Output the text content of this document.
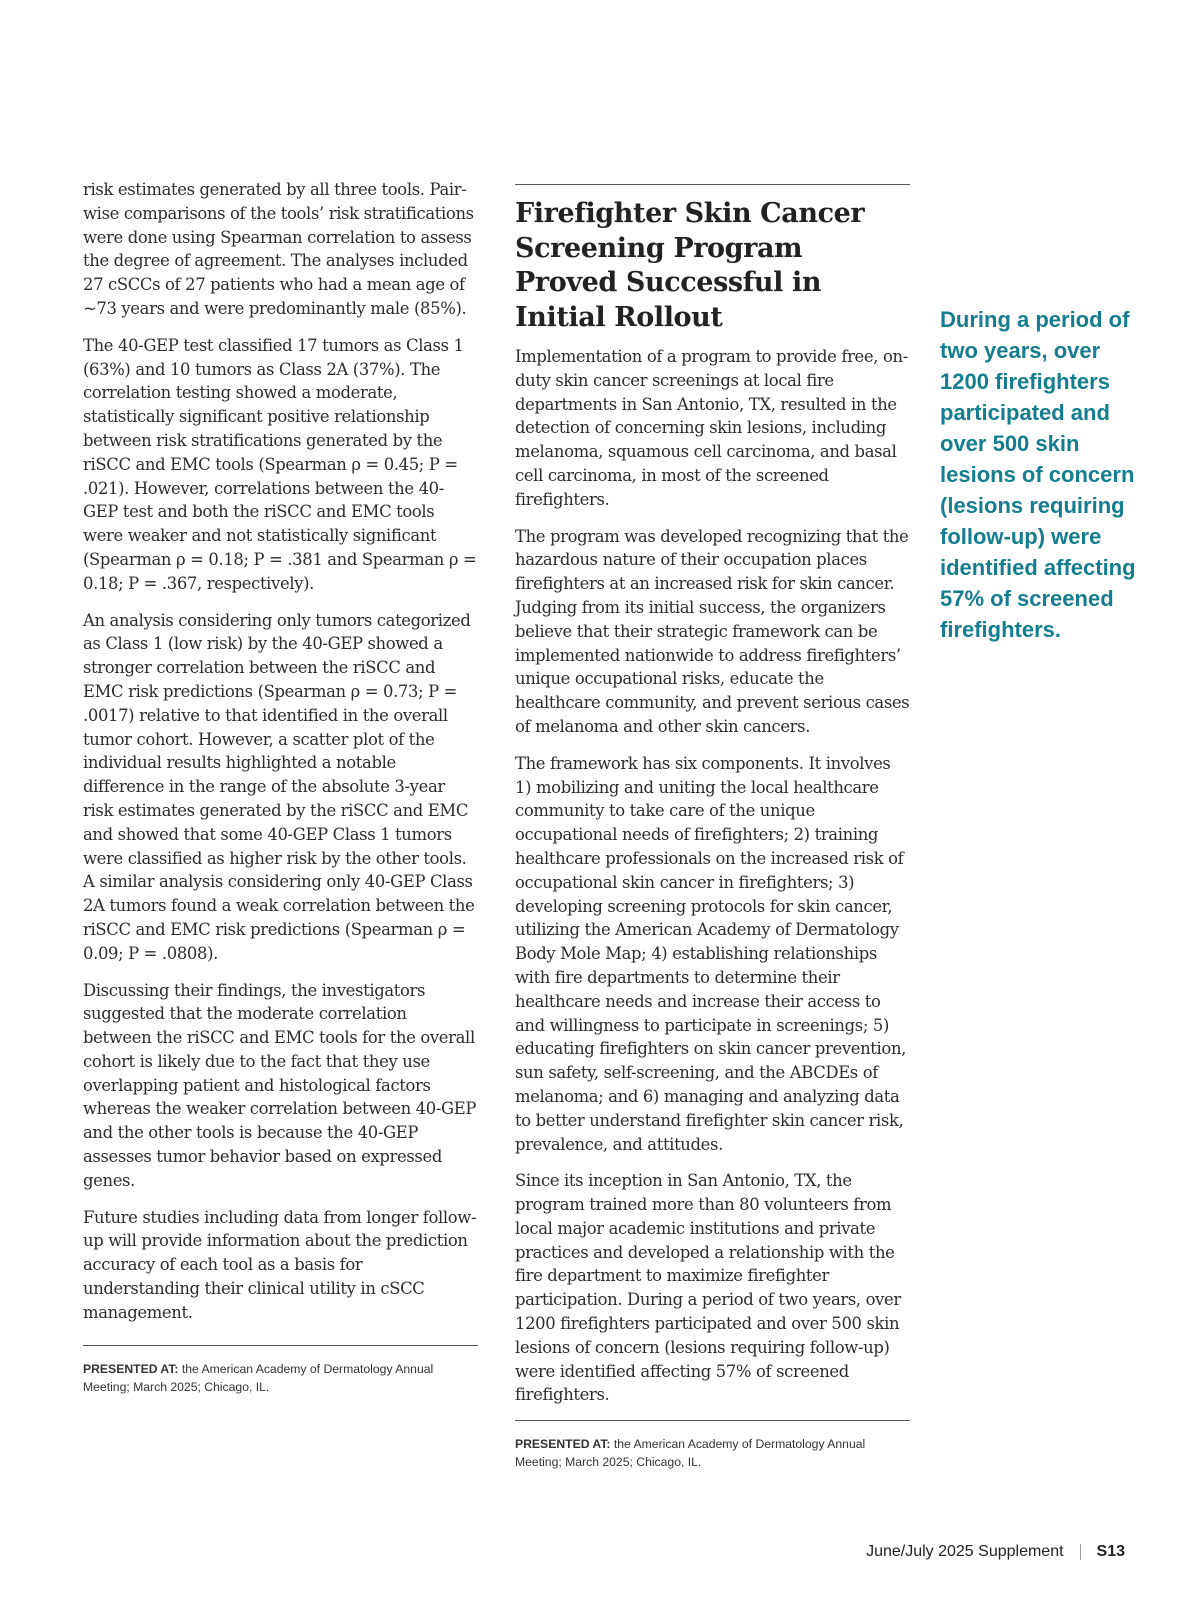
risk estimates generated by all three tools. Pair-wise comparisons of the tools’ risk stratifications were done using Spearman correlation to assess the degree of agreement. The analyses included 27 cSCCs of 27 patients who had a mean age of ~73 years and were predominantly male (85%).

The 40-GEP test classified 17 tumors as Class 1 (63%) and 10 tumors as Class 2A (37%). The correlation testing showed a moderate, statistically significant positive relationship between risk stratifications generated by the riSCC and EMC tools (Spearman ρ = 0.45; P = .021). However, correlations between the 40-GEP test and both the riSCC and EMC tools were weaker and not statistically significant (Spearman ρ = 0.18; P = .381 and Spearman ρ = 0.18; P = .367, respectively).

An analysis considering only tumors categorized as Class 1 (low risk) by the 40-GEP showed a stronger correlation between the riSCC and EMC risk predictions (Spearman ρ = 0.73; P = .0017) relative to that identified in the overall tumor cohort. However, a scatter plot of the individual results highlighted a notable difference in the range of the absolute 3-year risk estimates generated by the riSCC and EMC and showed that some 40-GEP Class 1 tumors were classified as higher risk by the other tools. A similar analysis considering only 40-GEP Class 2A tumors found a weak correlation between the riSCC and EMC risk predictions (Spearman ρ = 0.09; P = .0808).

Discussing their findings, the investigators suggested that the moderate correlation between the riSCC and EMC tools for the overall cohort is likely due to the fact that they use overlapping patient and histological factors whereas the weaker correlation between 40-GEP and the other tools is because the 40-GEP assesses tumor behavior based on expressed genes.

Future studies including data from longer follow-up will provide information about the prediction accuracy of each tool as a basis for understanding their clinical utility in cSCC management.

PRESENTED AT: the American Academy of Dermatology Annual Meeting; March 2025; Chicago, IL.
Firefighter Skin Cancer Screening Program Proved Successful in Initial Rollout

Implementation of a program to provide free, on-duty skin cancer screenings at local fire departments in San Antonio, TX, resulted in the detection of concerning skin lesions, including melanoma, squamous cell carcinoma, and basal cell carcinoma, in most of the screened firefighters.

The program was developed recognizing that the hazardous nature of their occupation places firefighters at an increased risk for skin cancer. Judging from its initial success, the organizers believe that their strategic framework can be implemented nationwide to address firefighters’ unique occupational risks, educate the healthcare community, and prevent serious cases of melanoma and other skin cancers.

The framework has six components. It involves 1) mobilizing and uniting the local healthcare community to take care of the unique occupational needs of firefighters; 2) training healthcare professionals on the increased risk of occupational skin cancer in firefighters; 3) developing screening protocols for skin cancer, utilizing the American Academy of Dermatology Body Mole Map; 4) establishing relationships with fire departments to determine their healthcare needs and increase their access to and willingness to participate in screenings; 5) educating firefighters on skin cancer prevention, sun safety, self-screening, and the ABCDEs of melanoma; and 6) managing and analyzing data to better understand firefighter skin cancer risk, prevalence, and attitudes.

Since its inception in San Antonio, TX, the program trained more than 80 volunteers from local major academic institutions and private practices and developed a relationship with the fire department to maximize firefighter participation. During a period of two years, over 1200 firefighters participated and over 500 skin lesions of concern (lesions requiring follow-up) were identified affecting 57% of screened firefighters.

PRESENTED AT: the American Academy of Dermatology Annual Meeting; March 2025; Chicago, IL.

During a period of two years, over 1200 firefighters participated and over 500 skin lesions of concern (lesions requiring follow-up) were identified affecting 57% of screened firefighters.

June/July 2025 Supplement S13
